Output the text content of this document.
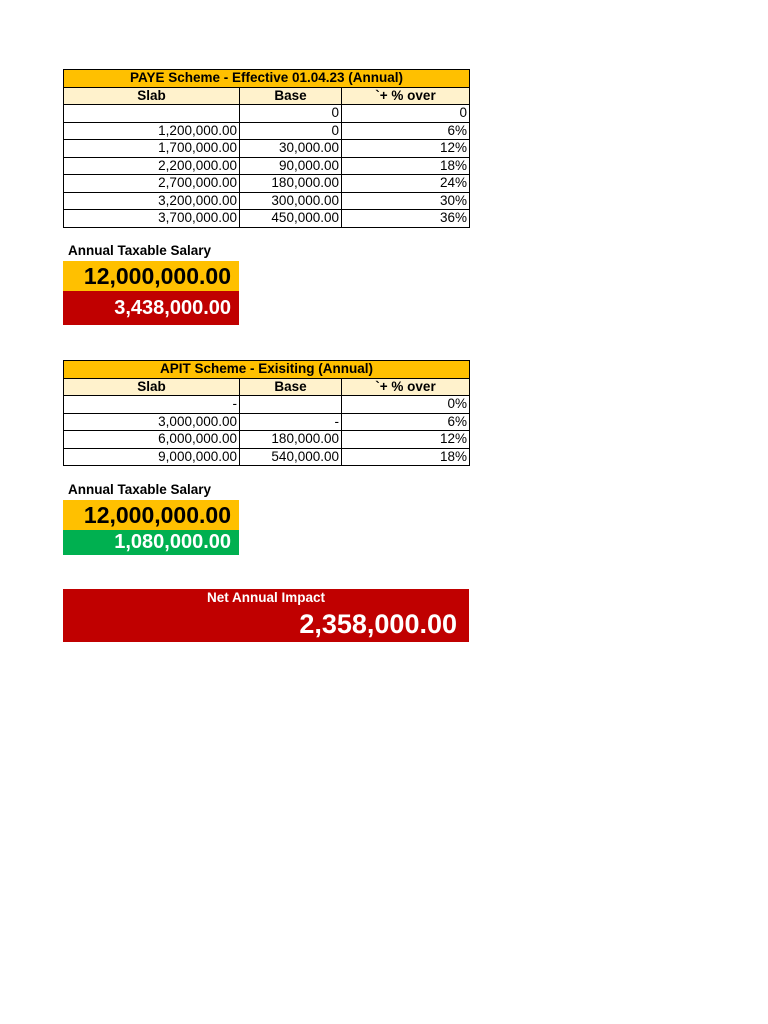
PAYE Scheme - Effective 01.04.23 (Annual)		
Slab	Base	`+ % over
	0	0
1,200,000.00	0	6%
1,700,000.00	30,000.00	12%
2,200,000.00	90,000.00	18%
2,700,000.00	180,000.00	24%
3,200,000.00	300,000.00	30%
3,700,000.00	450,000.00	36%
Annual Taxable Salary
12,000,000.00
3,438,000.00
APIT Scheme - Exisiting (Annual)		
Slab	Base	`+ % over
-		0%
3,000,000.00	-	6%
6,000,000.00	180,000.00	12%
9,000,000.00	540,000.00	18%
Annual Taxable Salary
12,000,000.00
1,080,000.00
Net Annual Impact
2,358,000.00
